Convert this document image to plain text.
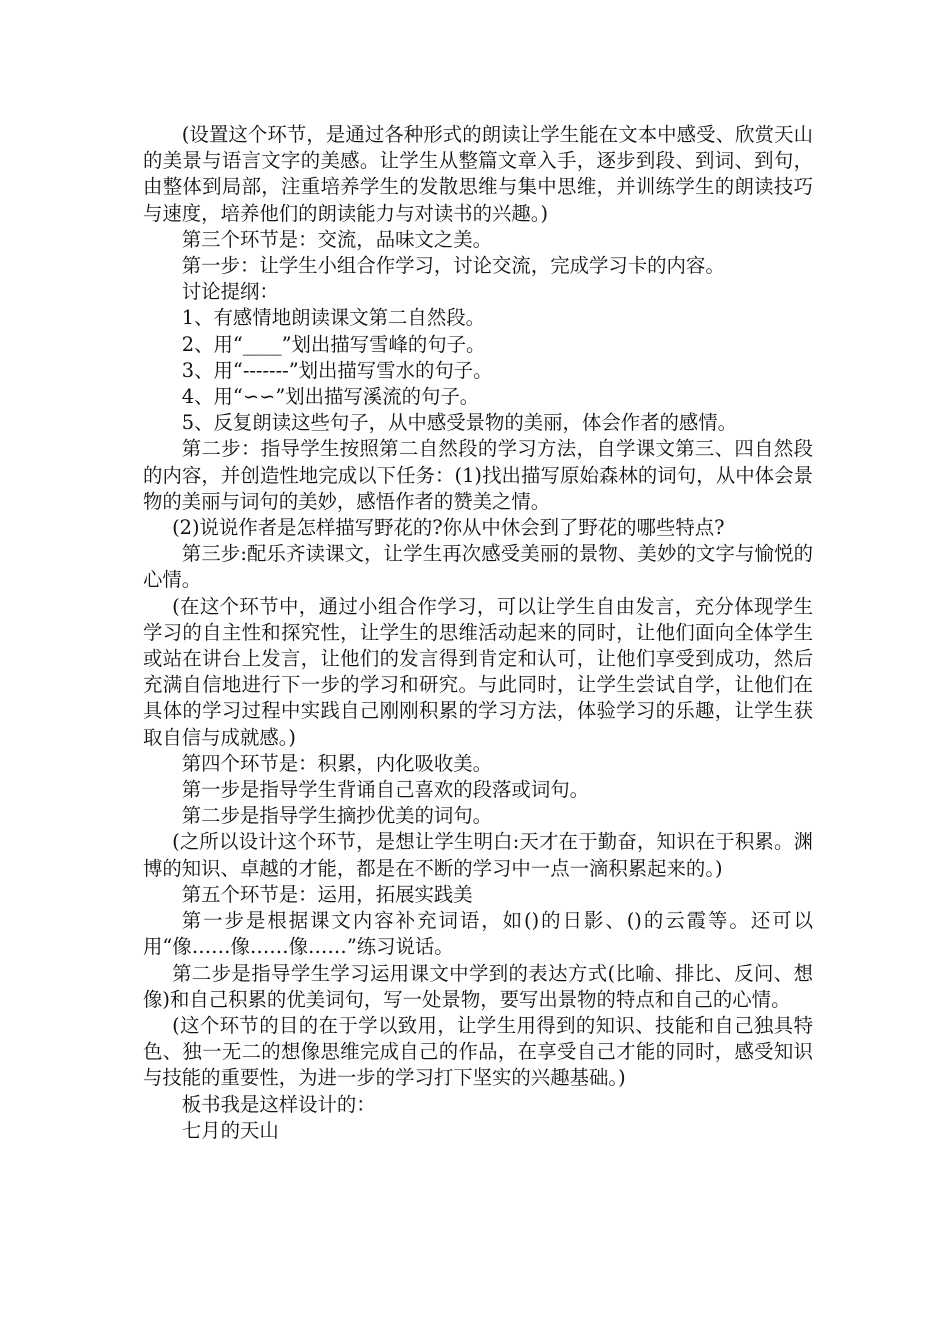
(设置这个环节，是通过各种形式的朗读让学生能在文本中感受、欣赏天山的美景与语言文字的美感。让学生从整篇文章入手，逐步到段、到词、到句，由整体到局部，注重培养学生的发散思维与集中思维，并训练学生的朗读技巧与速度，培养他们的朗读能力与对读书的兴趣。)

第三个环节是：交流，品味文之美。

第一步：让学生小组合作学习，讨论交流，完成学习卡的内容。

讨论提纲：

1、有感情地朗读课文第二自然段。

2、用“____”划出描写雪峰的句子。

3、用“-------”划出描写雪水的句子。

4、用“∽∽”划出描写溪流的句子。

5、反复朗读这些句子，从中感受景物的美丽，体会作者的感情。

第二步：指导学生按照第二自然段的学习方法，自学课文第三、四自然段的内容，并创造性地完成以下任务：(1)找出描写原始森林的词句，从中体会景物的美丽与词句的美妙，感悟作者的赞美之情。

(2)说说作者是怎样描写野花的?你从中休会到了野花的哪些特点?

第三步:配乐齐读课文，让学生再次感受美丽的景物、美妙的文字与愉悦的心情。

(在这个环节中，通过小组合作学习，可以让学生自由发言，充分体现学生学习的自主性和探究性，让学生的思维活动起来的同时，让他们面向全体学生或站在讲台上发言，让他们的发言得到肯定和认可，让他们享受到成功，然后充满自信地进行下一步的学习和研究。与此同时，让学生尝试自学，让他们在具体的学习过程中实践自己刚刚积累的学习方法，体验学习的乐趣，让学生获取自信与成就感。)

第四个环节是：积累，内化吸收美。

第一步是指导学生背诵自己喜欢的段落或词句。

第二步是指导学生摘抄优美的词句。

(之所以设计这个环节，是想让学生明白:天才在于勤奋，知识在于积累。渊博的知识、卓越的才能，都是在不断的学习中一点一滴积累起来的。)

第五个环节是：运用，拓展实践美

第一步是根据课文内容补充词语，如()的日影、()的云霞等。还可以用“像……像……像……”练习说话。

第二步是指导学生学习运用课文中学到的表达方式(比喻、排比、反问、想像)和自己积累的优美词句，写一处景物，要写出景物的特点和自己的心情。

(这个环节的目的在于学以致用，让学生用得到的知识、技能和自己独具特色、独一无二的想像思维完成自己的作品，在享受自己才能的同时，感受知识与技能的重要性，为进一步的学习打下坚实的兴趣基础。)

板书我是这样设计的：

七月的天山
